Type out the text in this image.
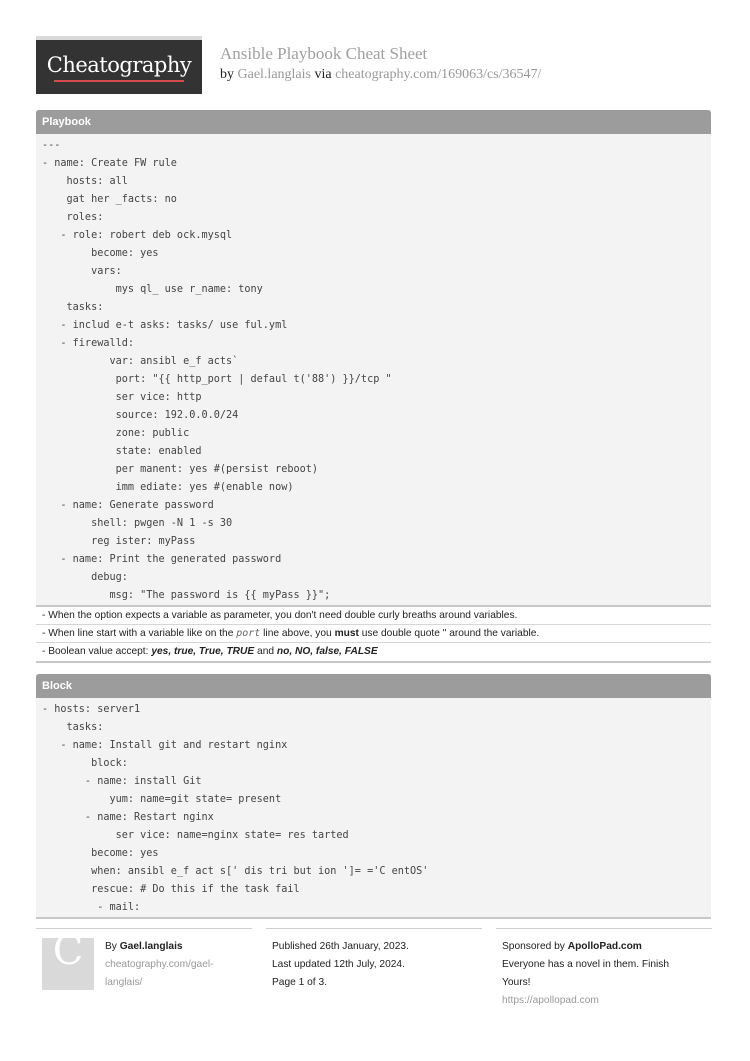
Cheatography	Ansible Playbook Cheat Sheet
by Gael.langlais via cheatography.com/169063/cs/36547/
Playbook
---
- name: Create FW rule
hosts: all
gat her _facts: no
roles:
- role: robert deb ock.mysql
become: yes
vars:
mys ql_ use r_name: tony
tasks:
- includ e-t asks: tasks/ use ful.yml
- firewalld:
var: ansibl e_f acts`
port: "{{ http_port | defaul t('88') }}/tcp "
ser vice: http
source: 192.0.0.0/24
zone: public
state: enabled
per manent: yes #(persist reboot)
imm ediate: yes #(enable now)
- name: Generate password
shell: pwgen -N 1 -s 30
reg ister: myPass
- name: Print the generated password
debug:
msg: "The password is {{ myPass }}";
- When the option expects a variable as parameter, you don't need double curly breaths around variables.
- When line start with a variable like on the port line above, you must use double quote " around the variable.
- Boolean value accept: yes, true, True, TRUE and no, NO, false, FALSE
Block
- hosts: server1
tasks:
- name: Install git and restart nginx
block:
- name: install Git
yum: name=git state= present
- name: Restart nginx
ser vice: name=nginx state= res tarted
become: yes
when: ansibl e_f act s[' dis tri but ion ']= ='C entOS'
rescue: # Do this if the task fail
- mail:
C	By Gael.langlais
cheatography.com/gael-
langlais/
Published 26th January, 2023.
Last updated 12th July, 2024.
Page 1 of 3.
Sponsored by ApolloPad.com
Everyone has a novel in them. Finish
Yours!
https://apollopad.com
